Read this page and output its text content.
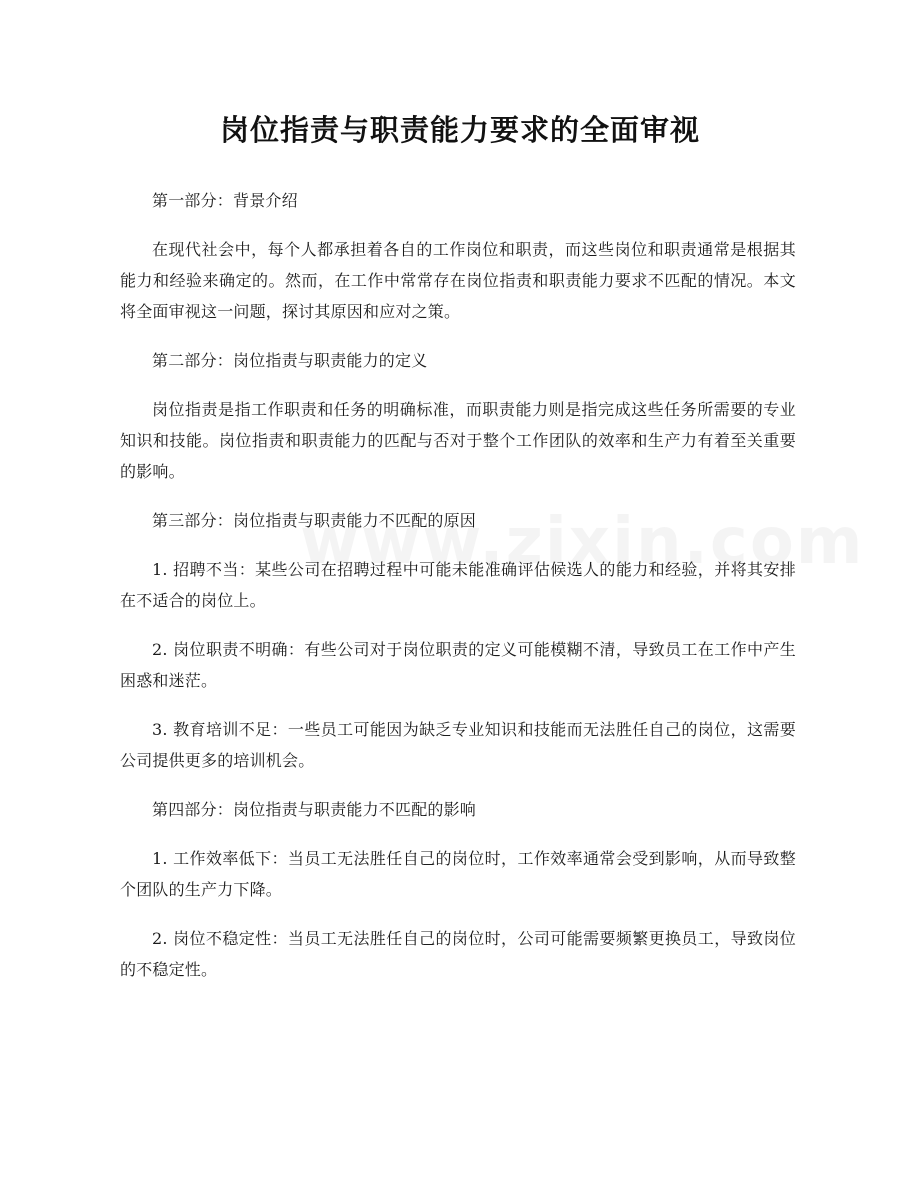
岗位指责与职责能力要求的全面审视

第一部分：背景介绍

在现代社会中，每个人都承担着各自的工作岗位和职责，而这些岗位和职责通常是根据其能力和经验来确定的。然而，在工作中常常存在岗位指责和职责能力要求不匹配的情况。本文将全面审视这一问题，探讨其原因和应对之策。

第二部分：岗位指责与职责能力的定义

岗位指责是指工作职责和任务的明确标准，而职责能力则是指完成这些任务所需要的专业知识和技能。岗位指责和职责能力的匹配与否对于整个工作团队的效率和生产力有着至关重要的影响。

第三部分：岗位指责与职责能力不匹配的原因

1. 招聘不当：某些公司在招聘过程中可能未能准确评估候选人的能力和经验，并将其安排在不适合的岗位上。

2. 岗位职责不明确：有些公司对于岗位职责的定义可能模糊不清，导致员工在工作中产生困惑和迷茫。

3. 教育培训不足：一些员工可能因为缺乏专业知识和技能而无法胜任自己的岗位，这需要公司提供更多的培训机会。

第四部分：岗位指责与职责能力不匹配的影响

1. 工作效率低下：当员工无法胜任自己的岗位时，工作效率通常会受到影响，从而导致整个团队的生产力下降。

2. 岗位不稳定性：当员工无法胜任自己的岗位时，公司可能需要频繁更换员工，导致岗位的不稳定性。
